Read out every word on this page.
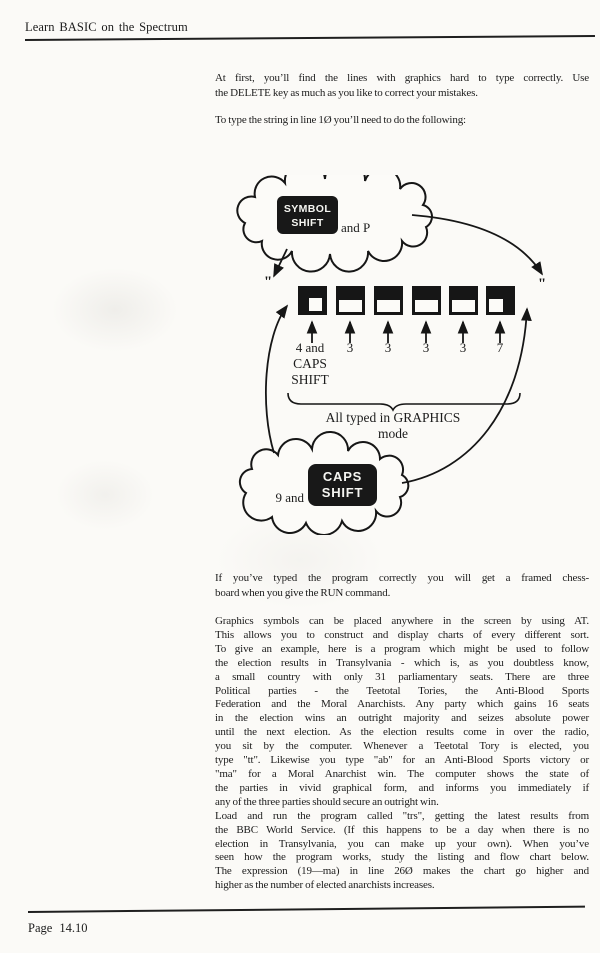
Learn BASIC on the Spectrum
At first, you’ll find the lines with graphics hard to type correctly. Use
the DELETE key as much as you like to correct your mistakes.
To type the string in line 1Ø you’ll need to do the following:
SYMBOL
SHIFT and P
"	"
4 and 3 3 3 3 7
CAPS
SHIFT
All typed in GRAPHICS
mode
9 and
CAPS
SHIFT
If you’ve typed the program correctly you will get a framed chess-
board when you give the RUN command.
Graphics symbols can be placed anywhere in the screen by using AT.
This allows you to construct and display charts of every different sort.
To give an example, here is a program which might be used to follow
the election results in Transylvania - which is, as you doubtless know,
a small country with only 31 parliamentary seats. There are three
Political parties - the Teetotal Tories, the Anti-Blood Sports
Federation and the Moral Anarchists. Any party which gains 16 seats
in the election wins an outright majority and seizes absolute power
until the next election. As the election results come in over the radio,
you sit by the computer. Whenever a Teetotal Tory is elected, you
type "tt". Likewise you type "ab" for an Anti-Blood Sports victory or
"ma" for a Moral Anarchist win. The computer shows the state of
the parties in vivid graphical form, and informs you immediately if
any of the three parties should secure an outright win.
Load and run the program called "trs", getting the latest results from
the BBC World Service. (If this happens to be a day when there is no
election in Transylvania, you can make up your own). When you’ve
seen how the program works, study the listing and flow chart below.
The expression (19—ma) in line 26Ø makes the chart go higher and
higher as the number of elected anarchists increases.
Page 14.10
